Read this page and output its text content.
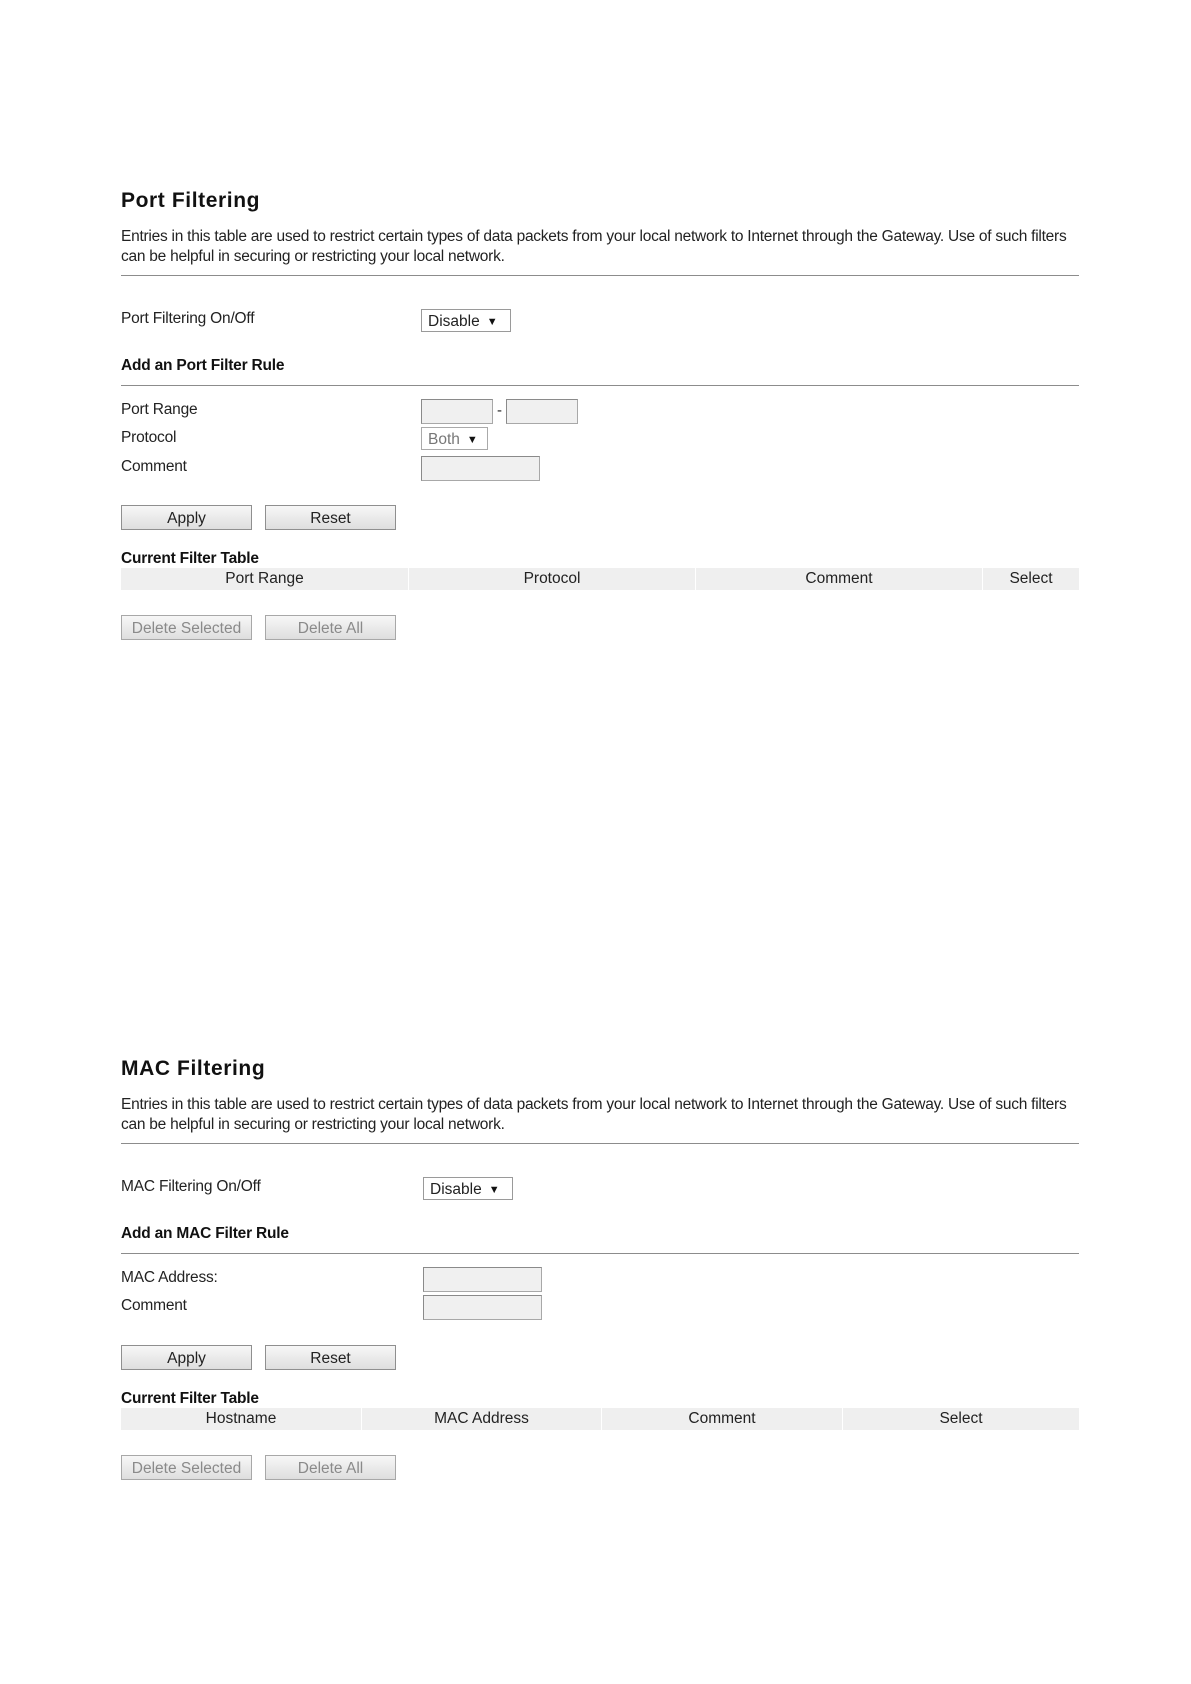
Port Filtering
Entries in this table are used to restrict certain types of data packets from your local network to Internet through the Gateway. Use of such filters can be helpful in securing or restricting your local network.
Port Filtering On/Off	Disable ▼
Add an Port Filter Rule
Port Range	-
Protocol	Both ▼
Comment
Apply	Reset
Current Filter Table
Port Range	Protocol	Comment	Select
Delete Selected	Delete All
MAC Filtering
Entries in this table are used to restrict certain types of data packets from your local network to Internet through the Gateway. Use of such filters can be helpful in securing or restricting your local network.
MAC Filtering On/Off	Disable ▼
Add an MAC Filter Rule
MAC Address:
Comment
Apply	Reset
Current Filter Table
Hostname	MAC Address	Comment	Select
Delete Selected	Delete All
